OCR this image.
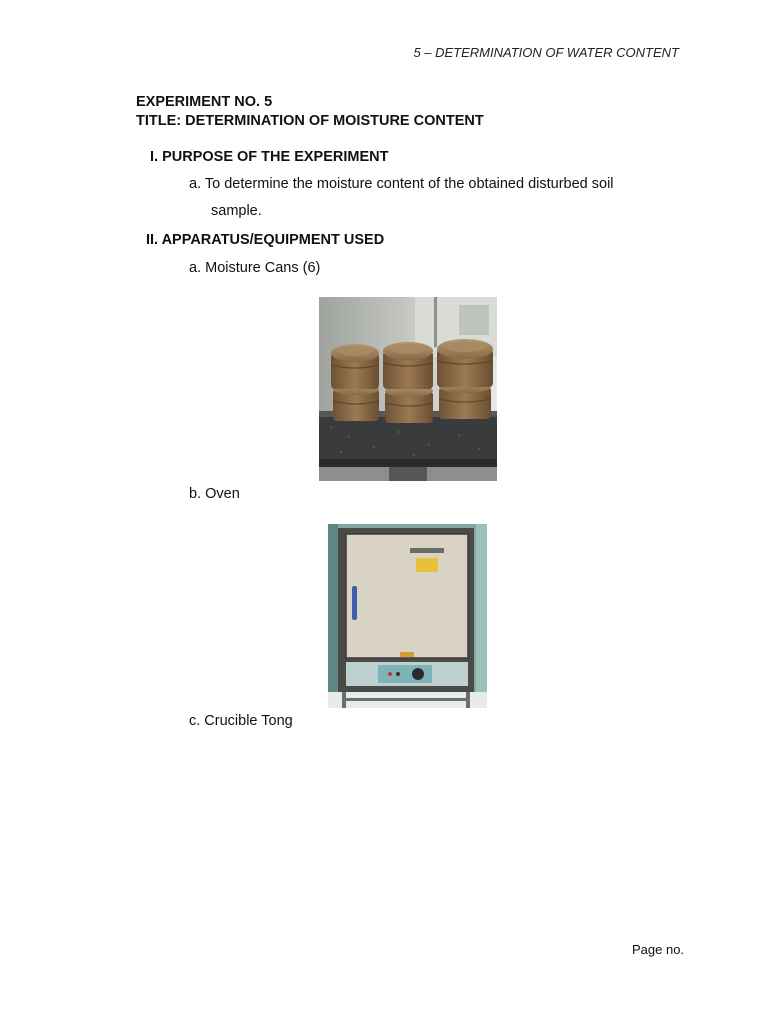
5 – DETERMINATION OF WATER CONTENT
EXPERIMENT NO. 5
TITLE: DETERMINATION OF MOISTURE CONTENT
I. PURPOSE OF THE EXPERIMENT
a. To determine the moisture content of the obtained disturbed soil
sample.
II. APPARATUS/EQUIPMENT USED
a. Moisture Cans (6)
b. Oven
c. Crucible Tong
Page no.
